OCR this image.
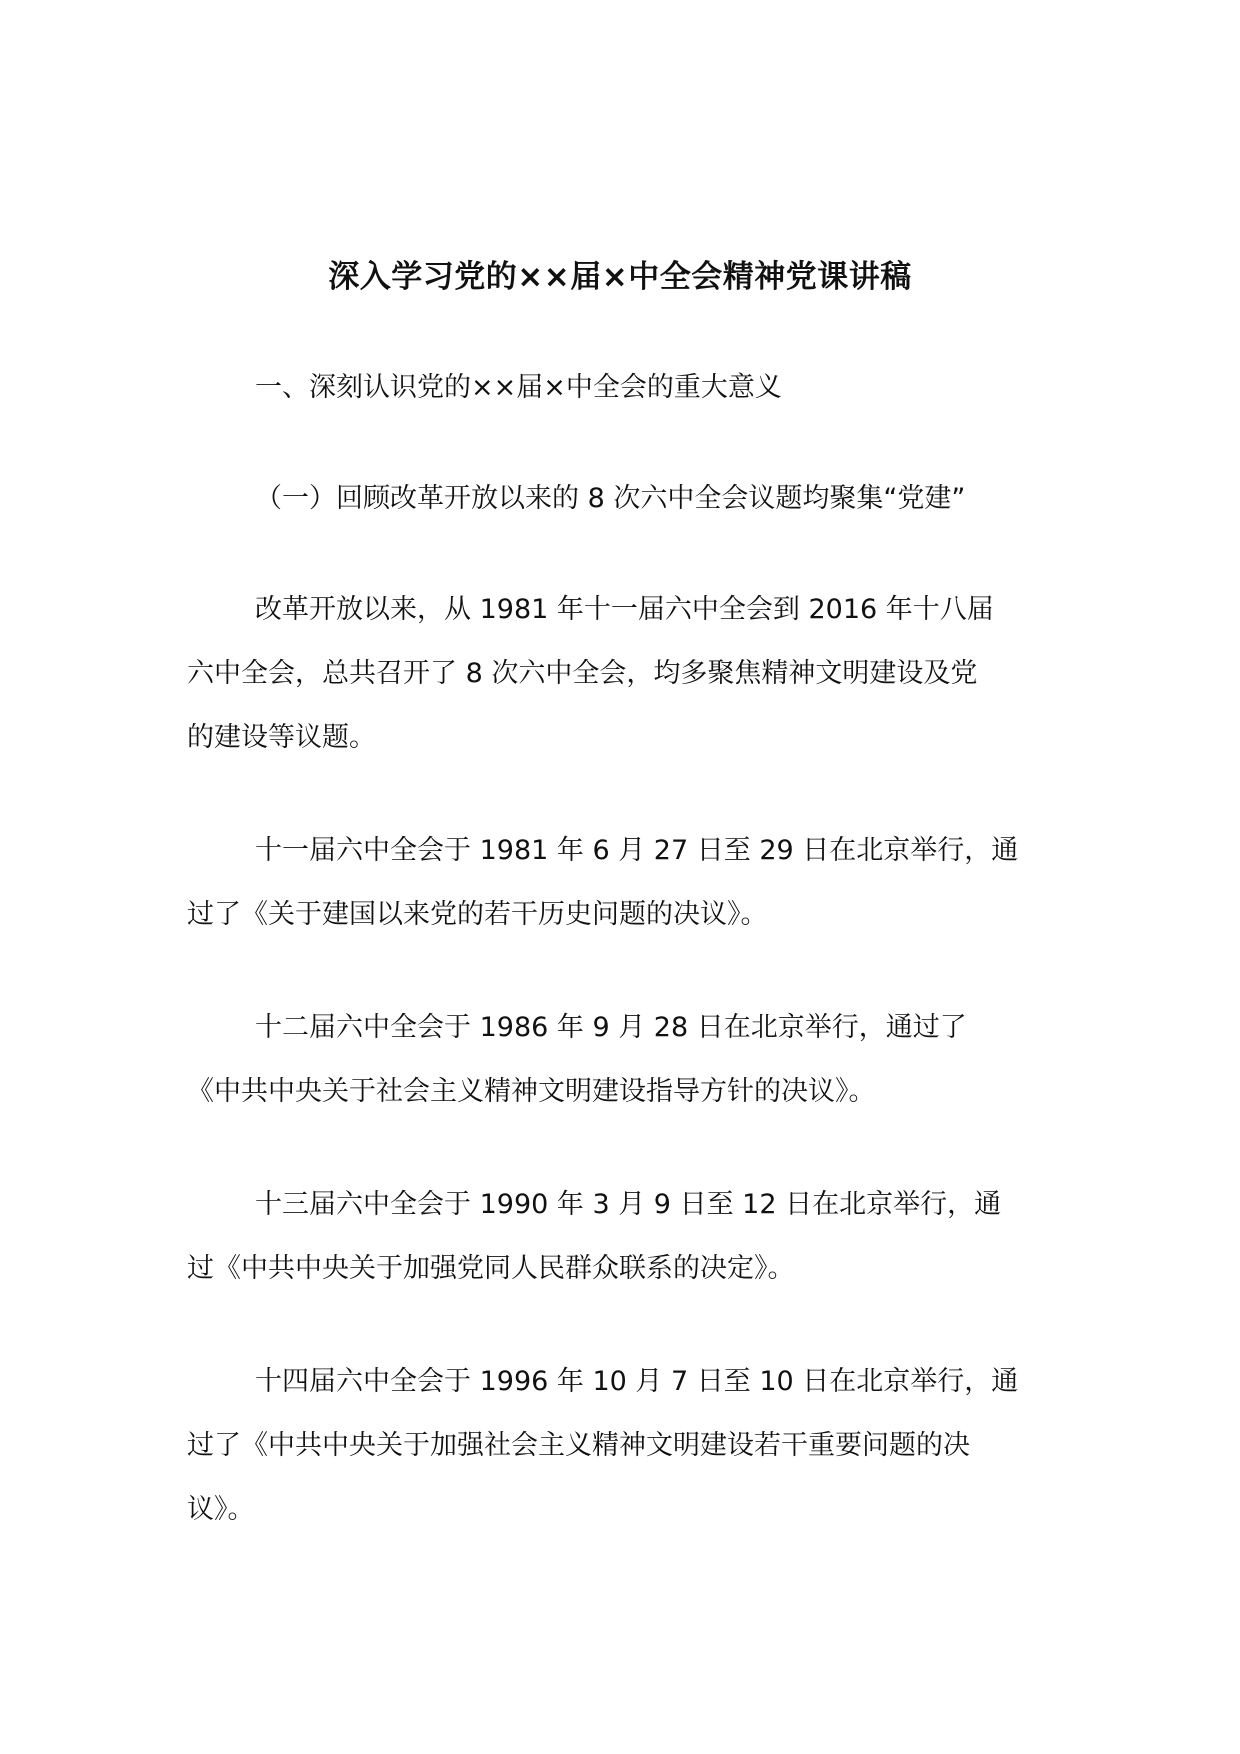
深入学习党的××届×中全会精神党课讲稿
一、深刻认识党的××届×中全会的重大意义
（一）回顾改革开放以来的 8 次六中全会议题均聚集“党建”
改革开放以来，从 1981 年十一届六中全会到 2016 年十八届
六中全会，总共召开了 8 次六中全会，均多聚焦精神文明建设及党
的建设等议题。
十一届六中全会于 1981 年 6 月 27 日至 29 日在北京举行，通
过了《关于建国以来党的若干历史问题的决议》。
十二届六中全会于 1986 年 9 月 28 日在北京举行，通过了
《中共中央关于社会主义精神文明建设指导方针的决议》。
十三届六中全会于 1990 年 3 月 9 日至 12 日在北京举行，通
过《中共中央关于加强党同人民群众联系的决定》。
十四届六中全会于 1996 年 10 月 7 日至 10 日在北京举行，通
过了《中共中央关于加强社会主义精神文明建设若干重要问题的决
议》。
